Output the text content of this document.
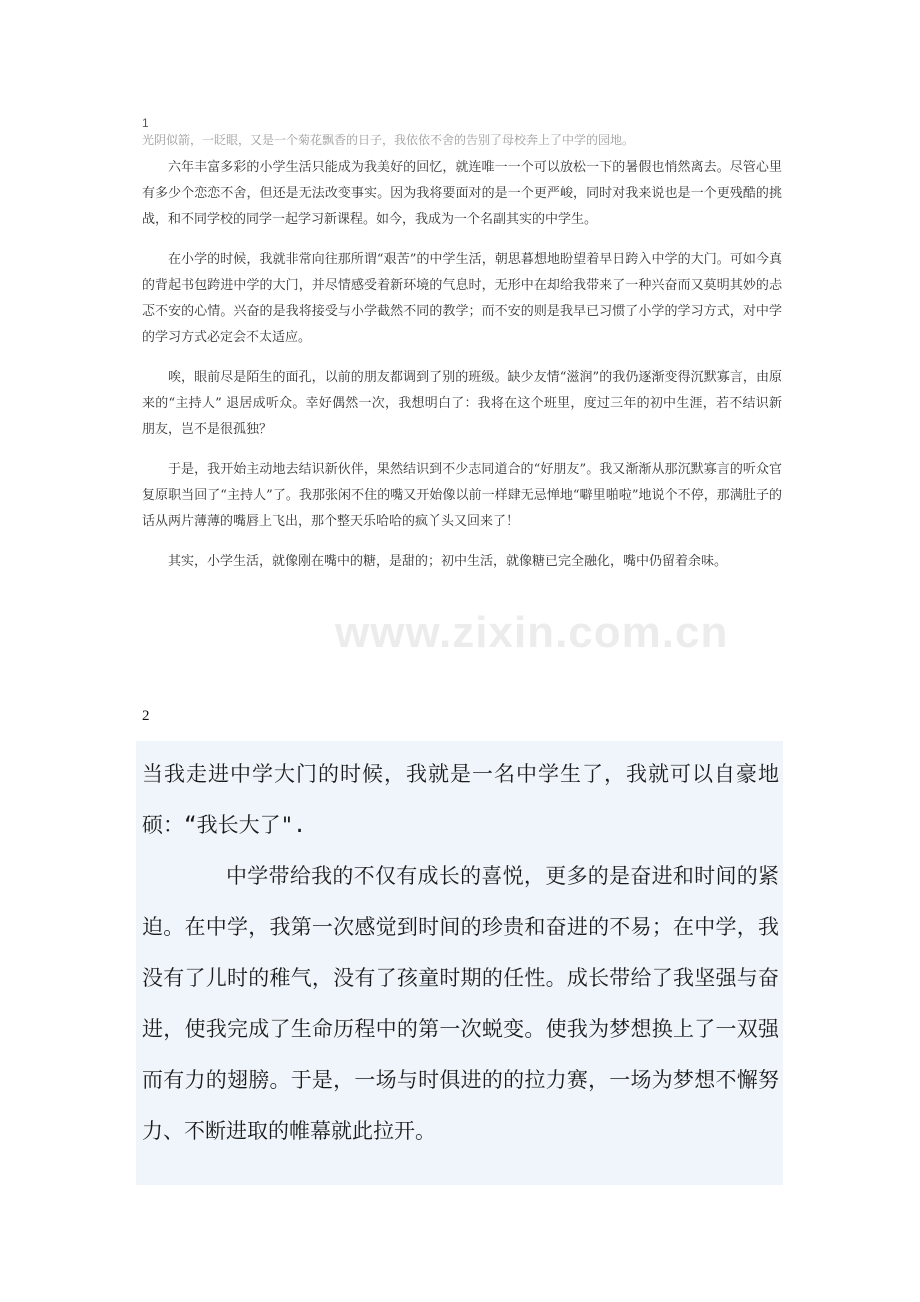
1
光阴似箭，一眨眼，又是一个菊花飘香的日子，我依依不舍的告别了母校奔上了中学的园地。

六年丰富多彩的小学生活只能成为我美好的回忆，就连唯一一个可以放松一下的暑假也悄然离去。尽管心里有多少个恋恋不舍，但还是无法改变事实。因为我将要面对的是一个更严峻，同时对我来说也是一个更残酷的挑战，和不同学校的同学一起学习新课程。如今，我成为一个名副其实的中学生。

在小学的时候，我就非常向往那所谓“艰苦”的中学生活，朝思暮想地盼望着早日跨入中学的大门。可如今真的背起书包跨进中学的大门，并尽情感受着新环境的气息时，无形中在却给我带来了一种兴奋而又莫明其妙的忐忑不安的心情。兴奋的是我将接受与小学截然不同的教学；而不安的则是我早已习惯了小学的学习方式，对中学的学习方式必定会不太适应。

唉，眼前尽是陌生的面孔，以前的朋友都调到了别的班级。缺少友情“滋润”的我仍逐渐变得沉默寡言，由原来的“主持人” 退居成听众。幸好偶然一次，我想明白了：我将在这个班里，度过三年的初中生涯，若不结识新朋友，岂不是很孤独？

于是，我开始主动地去结识新伙伴，果然结识到不少志同道合的“好朋友”。我又渐渐从那沉默寡言的听众官复原职当回了“主持人”了。我那张闲不住的嘴又开始像以前一样肆无忌惮地“噼里啪啦”地说个不停，那满肚子的话从两片薄薄的嘴唇上飞出，那个整天乐哈哈的疯丫头又回来了！

其实，小学生活，就像刚在嘴中的糖，是甜的；初中生活，就像糖已完全融化，嘴中仍留着余味。

www.zixin.com.cn
2

当我走进中学大门的时候，我就是一名中学生了，我就可以自豪地硕：“我长大了".

中学带给我的不仅有成长的喜悦，更多的是奋进和时间的紧迫。在中学，我第一次感觉到时间的珍贵和奋进的不易；在中学，我没有了儿时的稚气，没有了孩童时期的任性。成长带给了我坚强与奋进，使我完成了生命历程中的第一次蜕变。使我为梦想换上了一双强而有力的翅膀。于是，一场与时俱进的的拉力赛，一场为梦想不懈努力、不断进取的帷幕就此拉开。
